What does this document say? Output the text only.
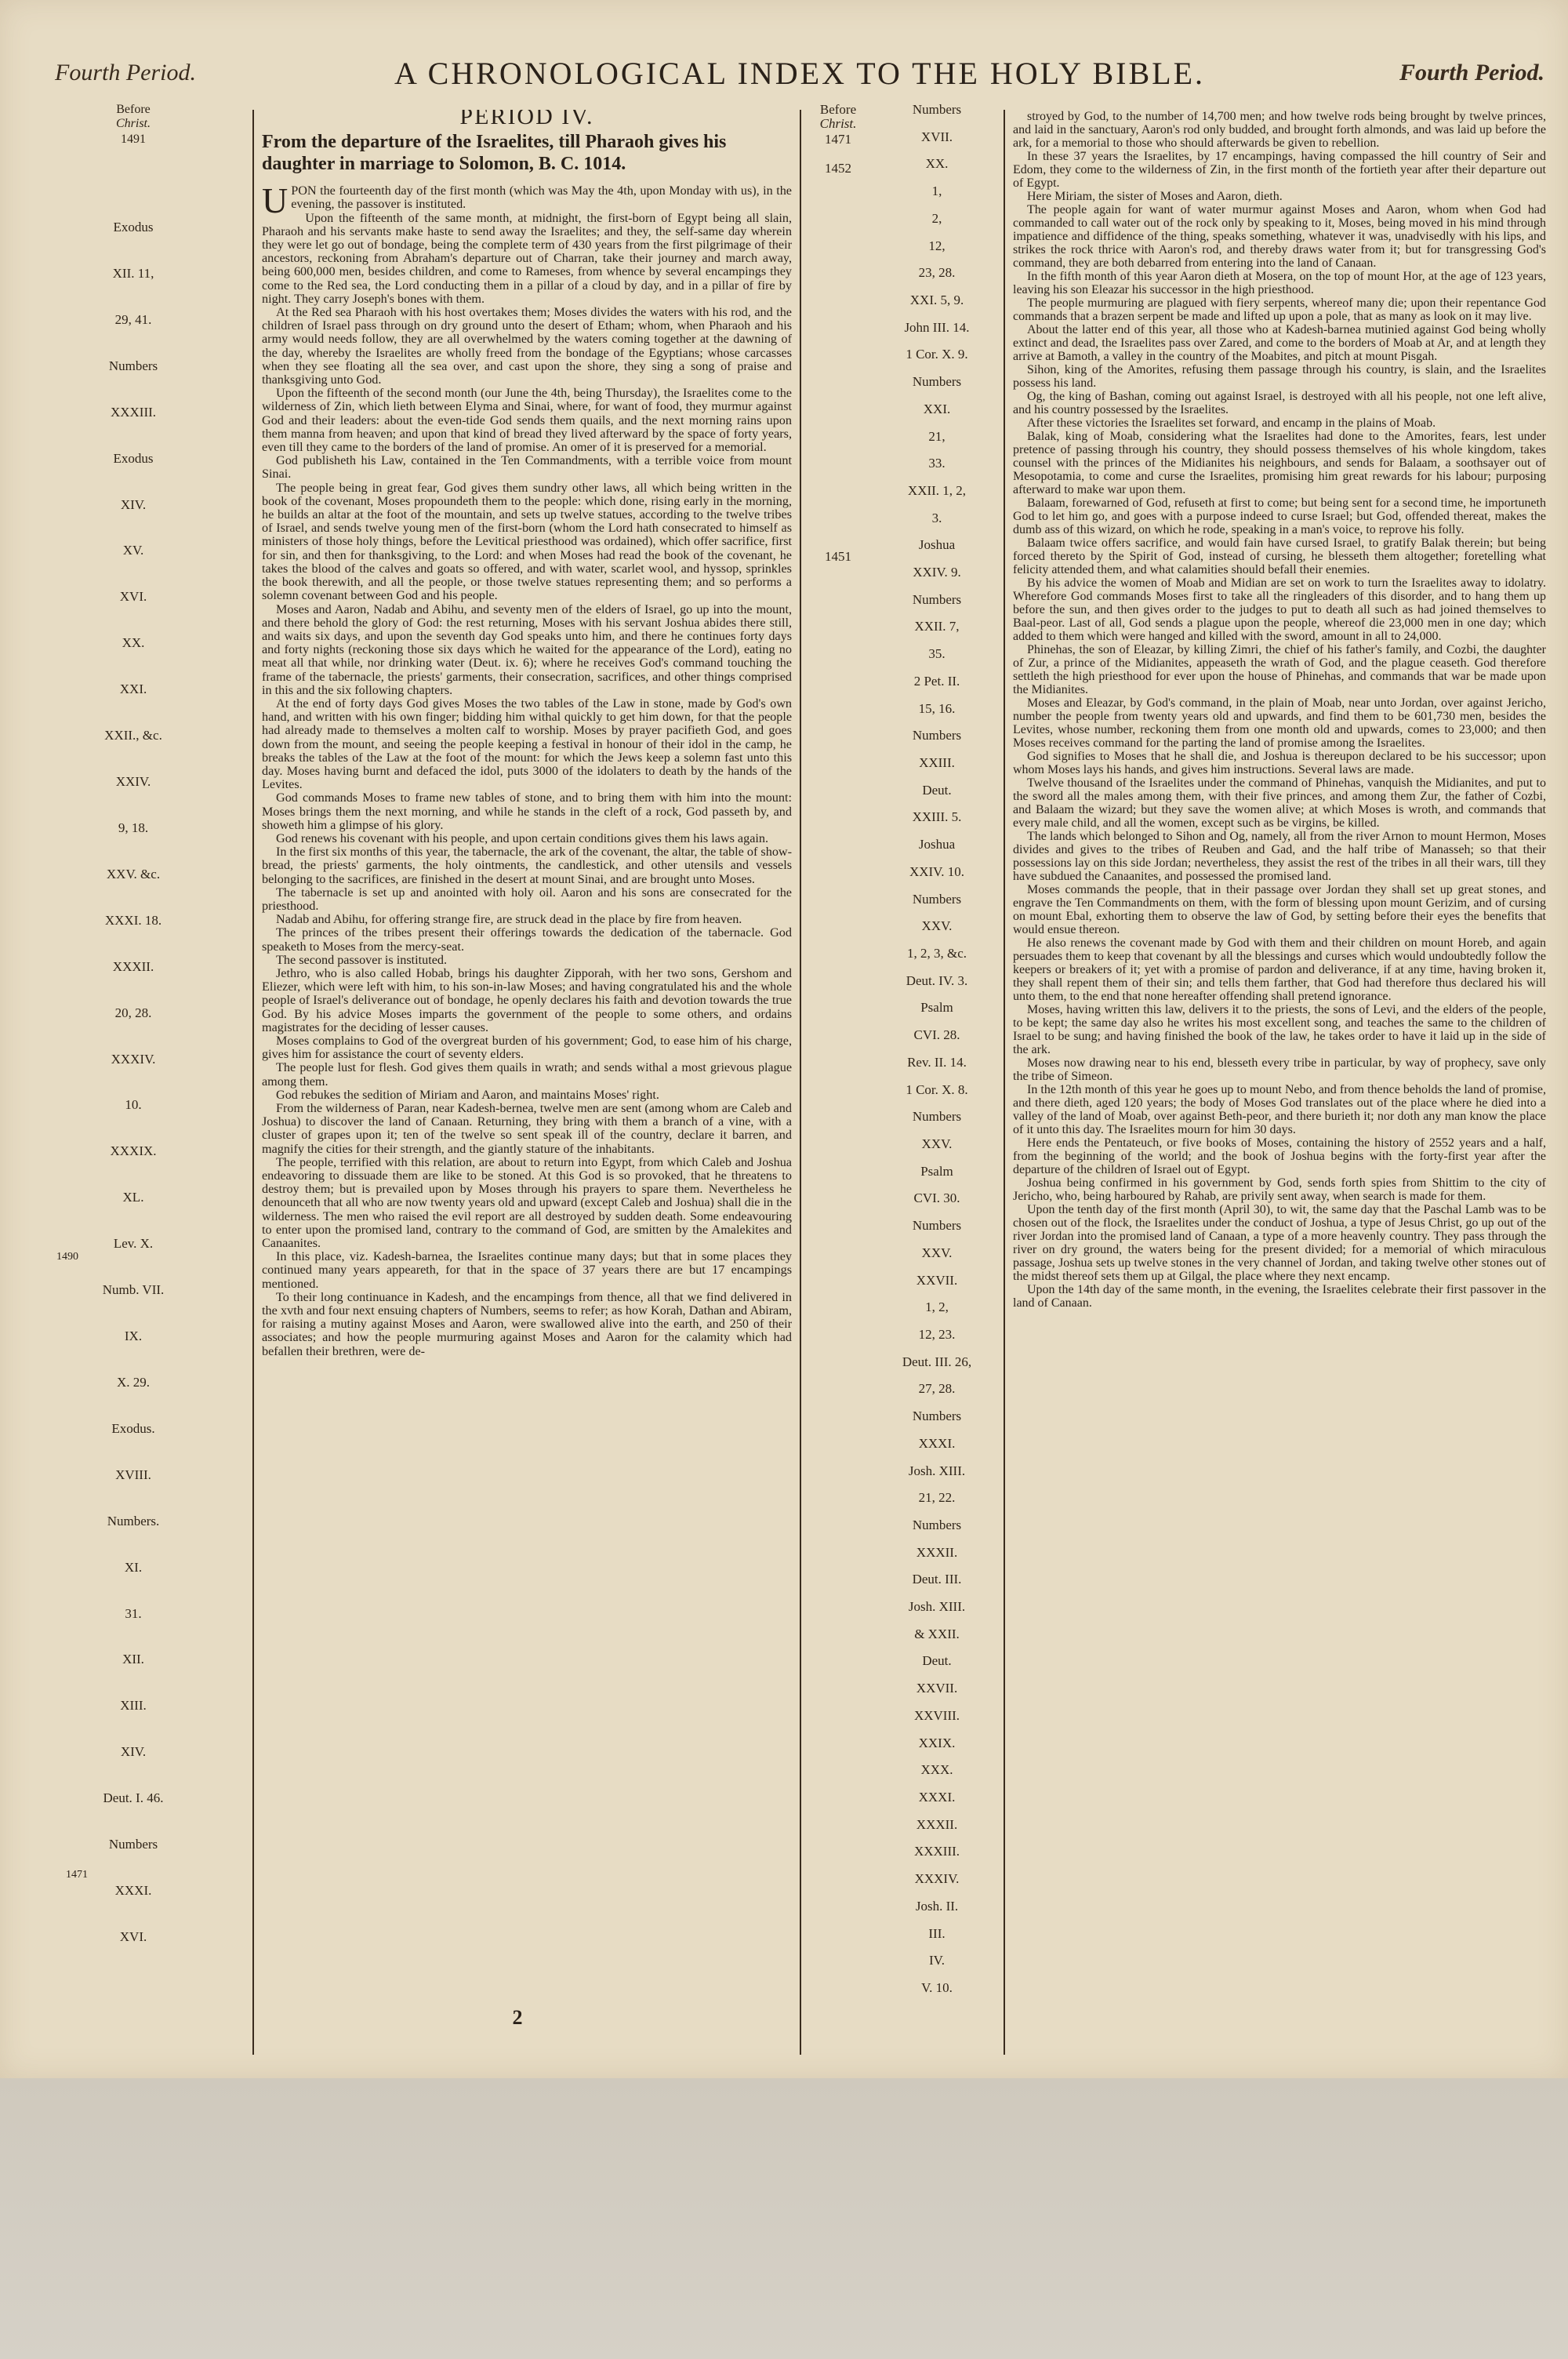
Fourth Period.	A CHRONOLOGICAL INDEX TO THE HOLY BIBLE.	Fourth Period.
Before
Christ.
1491
Exodus
XII. 11,
29, 41.
Numbers
XXXIII.
Exodus
XIV.
XV.
XVI.
XX.
XXI.
XXII., &c.
XXIV.
9, 18.
XXV. &c.
XXXI. 18.
XXXII.
20, 28.
XXXIV.
10.
XXXIX.
XL.
Lev. X.
Numb. VII.
IX.
X. 29.
Exodus.
XVIII.
Numbers.
XI.
31.
XII.
XIII.
XIV.
Deut. I. 46.
Numbers
XXXI.
XVI.
1490
1471
PERIOD IV.
From the departure of the Israelites, till Pharaoh gives his daughter in marriage to Solomon, B. C. 1014.

UPON the fourteenth day of the first month (which was May the 4th, upon Monday with us), in the evening, the passover is instituted.

Upon the fifteenth of the same month, at midnight, the first-born of Egypt being all slain, Pharaoh and his servants make haste to send away the Israelites; and they, the self-same day wherein they were let go out of bondage, being the complete term of 430 years from the first pilgrimage of their ancestors, reckoning from Abraham's departure out of Charran, take their journey and march away, being 600,000 men, besides children, and come to Rameses, from whence by several encampings they come to the Red sea, the Lord conducting them in a pillar of a cloud by day, and in a pillar of fire by night. They carry Joseph's bones with them.

At the Red sea Pharaoh with his host overtakes them; Moses divides the waters with his rod, and the children of Israel pass through on dry ground unto the desert of Etham; whom, when Pharaoh and his army would needs follow, they are all overwhelmed by the waters coming together at the dawning of the day, whereby the Israelites are wholly freed from the bondage of the Egyptians; whose carcasses when they see floating all the sea over, and cast upon the shore, they sing a song of praise and thanksgiving unto God.

Upon the fifteenth of the second month (our June the 4th, being Thursday), the Israelites come to the wilderness of Zin, which lieth between Elyma and Sinai, where, for want of food, they murmur against God and their leaders: about the even-tide God sends them quails, and the next morning rains upon them manna from heaven; and upon that kind of bread they lived afterward by the space of forty years, even till they came to the borders of the land of promise. An omer of it is preserved for a memorial.

God publisheth his Law, contained in the Ten Commandments, with a terrible voice from mount Sinai.

The people being in great fear, God gives them sundry other laws, all which being written in the book of the covenant, Moses propoundeth them to the people: which done, rising early in the morning, he builds an altar at the foot of the mountain, and sets up twelve statues, according to the twelve tribes of Israel, and sends twelve young men of the first-born (whom the Lord hath consecrated to himself as ministers of those holy things, before the Levitical priesthood was ordained), which offer sacrifice, first for sin, and then for thanksgiving, to the Lord: and when Moses had read the book of the covenant, he takes the blood of the calves and goats so offered, and with water, scarlet wool, and hyssop, sprinkles the book therewith, and all the people, or those twelve statues representing them; and so performs a solemn covenant between God and his people.

Moses and Aaron, Nadab and Abihu, and seventy men of the elders of Israel, go up into the mount, and there behold the glory of God: the rest returning, Moses with his servant Joshua abides there still, and waits six days, and upon the seventh day God speaks unto him, and there he continues forty days and forty nights (reckoning those six days which he waited for the appearance of the Lord), eating no meat all that while, nor drinking water (Deut. ix. 6); where he receives God's command touching the frame of the tabernacle, the priests' garments, their consecration, sacrifices, and other things comprised in this and the six following chapters.

At the end of forty days God gives Moses the two tables of the Law in stone, made by God's own hand, and written with his own finger; bidding him withal quickly to get him down, for that the people had already made to themselves a molten calf to worship. Moses by prayer pacifieth God, and goes down from the mount, and seeing the people keeping a festival in honour of their idol in the camp, he breaks the tables of the Law at the foot of the mount: for which the Jews keep a solemn fast unto this day. Moses having burnt and defaced the idol, puts 3000 of the idolaters to death by the hands of the Levites.

God commands Moses to frame new tables of stone, and to bring them with him into the mount: Moses brings them the next morning, and while he stands in the cleft of a rock, God passeth by, and showeth him a glimpse of his glory.

God renews his covenant with his people, and upon certain conditions gives them his laws again.

In the first six months of this year, the tabernacle, the ark of the covenant, the altar, the table of show-bread, the priests' garments, the holy ointments, the candlestick, and other utensils and vessels belonging to the sacrifices, are finished in the desert at mount Sinai, and are brought unto Moses.

The tabernacle is set up and anointed with holy oil. Aaron and his sons are consecrated for the priesthood.

Nadab and Abihu, for offering strange fire, are struck dead in the place by fire from heaven.

The princes of the tribes present their offerings towards the dedication of the tabernacle. God speaketh to Moses from the mercy-seat.

The second passover is instituted.

Jethro, who is also called Hobab, brings his daughter Zipporah, with her two sons, Gershom and Eliezer, which were left with him, to his son-in-law Moses; and having congratulated his and the whole people of Israel's deliverance out of bondage, he openly declares his faith and devotion towards the true God. By his advice Moses imparts the government of the people to some others, and ordains magistrates for the deciding of lesser causes.

Moses complains to God of the overgreat burden of his government; God, to ease him of his charge, gives him for assistance the court of seventy elders.

The people lust for flesh. God gives them quails in wrath; and sends withal a most grievous plague among them.

God rebukes the sedition of Miriam and Aaron, and maintains Moses' right.

From the wilderness of Paran, near Kadesh-bernea, twelve men are sent (among whom are Caleb and Joshua) to discover the land of Canaan. Returning, they bring with them a branch of a vine, with a cluster of grapes upon it; ten of the twelve so sent speak ill of the country, declare it barren, and magnify the cities for their strength, and the giantly stature of the inhabitants.

The people, terrified with this relation, are about to return into Egypt, from which Caleb and Joshua endeavoring to dissuade them are like to be stoned. At this God is so provoked, that he threatens to destroy them; but is prevailed upon by Moses through his prayers to spare them. Nevertheless he denounceth that all who are now twenty years old and upward (except Caleb and Joshua) shall die in the wilderness. The men who raised the evil report are all destroyed by sudden death. Some endeavouring to enter upon the promised land, contrary to the command of God, are smitten by the Amalekites and Canaanites.

In this place, viz. Kadesh-barnea, the Israelites continue many days; but that in some places they continued many years appeareth, for that in the space of 37 years there are but 17 encampings mentioned.

To their long continuance in Kadesh, and the encampings from thence, all that we find delivered in the xvth and four next ensuing chapters of Numbers, seems to refer; as how Korah, Dathan and Abiram, for raising a mutiny against Moses and Aaron, were swallowed alive into the earth, and 250 of their associates; and how the people murmuring against Moses and Aaron for the calamity which had befallen their brethren, were de-

2
Before
Christ.
1471
1452
1451
Numbers
XVII.
XX.
1,
2,
12,
23, 28.
XXI. 5, 9.
John III. 14.
1 Cor. X. 9.
Numbers
XXI.
21,
33.
XXII. 1, 2,
3.
Joshua
XXIV. 9.
Numbers
XXII. 7,
35.
2 Pet. II.
15, 16.
Numbers
XXIII.
Deut.
XXIII. 5.
Joshua
XXIV. 10.
Numbers
XXV.
1, 2, 3, &c.
Deut. IV. 3.
Psalm
CVI. 28.
Rev. II. 14.
1 Cor. X. 8.
Numbers
XXV.
Psalm
CVI. 30.
Numbers
XXV.
XXVII.
1, 2,
12, 23.
Deut. III. 26,
27, 28.
Numbers
XXXI.
Josh. XIII.
21, 22.
Numbers
XXXII.
Deut. III.
Josh. XIII.
& XXII.
Deut.
XXVII.
XXVIII.
XXIX.
XXX.
XXXI.
XXXII.
XXXIII.
XXXIV.
Josh. II.
III.
IV.
V. 10.

stroyed by God, to the number of 14,700 men; and how twelve rods being brought by twelve princes, and laid in the sanctuary, Aaron's rod only budded, and brought forth almonds, and was laid up before the ark, for a memorial to those who should afterwards be given to rebellion.

In these 37 years the Israelites, by 17 encampings, having compassed the hill country of Seir and Edom, they come to the wilderness of Zin, in the first month of the fortieth year after their departure out of Egypt.

Here Miriam, the sister of Moses and Aaron, dieth.

The people again for want of water murmur against Moses and Aaron, whom when God had commanded to call water out of the rock only by speaking to it, Moses, being moved in his mind through impatience and diffidence of the thing, speaks something, whatever it was, unadvisedly with his lips, and strikes the rock thrice with Aaron's rod, and thereby draws water from it; but for transgressing God's command, they are both debarred from entering into the land of Canaan.

In the fifth month of this year Aaron dieth at Mosera, on the top of mount Hor, at the age of 123 years, leaving his son Eleazar his successor in the high priesthood.

The people murmuring are plagued with fiery serpents, whereof many die; upon their repentance God commands that a brazen serpent be made and lifted up upon a pole, that as many as look on it may live.

About the latter end of this year, all those who at Kadesh-barnea mutinied against God being wholly extinct and dead, the Israelites pass over Zared, and come to the borders of Moab at Ar, and at length they arrive at Bamoth, a valley in the country of the Moabites, and pitch at mount Pisgah.

Sihon, king of the Amorites, refusing them passage through his country, is slain, and the Israelites possess his land.

Og, the king of Bashan, coming out against Israel, is destroyed with all his people, not one left alive, and his country possessed by the Israelites.

After these victories the Israelites set forward, and encamp in the plains of Moab.

Balak, king of Moab, considering what the Israelites had done to the Amorites, fears, lest under pretence of passing through his country, they should possess themselves of his whole kingdom, takes counsel with the princes of the Midianites his neighbours, and sends for Balaam, a soothsayer out of Mesopotamia, to come and curse the Israelites, promising him great rewards for his labour; purposing afterward to make war upon them.

Balaam, forewarned of God, refuseth at first to come; but being sent for a second time, he importuneth God to let him go, and goes with a purpose indeed to curse Israel; but God, offended thereat, makes the dumb ass of this wizard, on which he rode, speaking in a man's voice, to reprove his folly.

Balaam twice offers sacrifice, and would fain have cursed Israel, to gratify Balak therein; but being forced thereto by the Spirit of God, instead of cursing, he blesseth them altogether; foretelling what felicity attended them, and what calamities should befall their enemies.

By his advice the women of Moab and Midian are set on work to turn the Israelites away to idolatry. Wherefore God commands Moses first to take all the ringleaders of this disorder, and to hang them up before the sun, and then gives order to the judges to put to death all such as had joined themselves to Baal-peor. Last of all, God sends a plague upon the people, whereof die 23,000 men in one day; which added to them which were hanged and killed with the sword, amount in all to 24,000.

Phinehas, the son of Eleazar, by killing Zimri, the chief of his father's family, and Cozbi, the daughter of Zur, a prince of the Midianites, appeaseth the wrath of God, and the plague ceaseth. God therefore settleth the high priesthood for ever upon the house of Phinehas, and commands that war be made upon the Midianites.

Moses and Eleazar, by God's command, in the plain of Moab, near unto Jordan, over against Jericho, number the people from twenty years old and upwards, and find them to be 601,730 men, besides the Levites, whose number, reckoning them from one month old and upwards, comes to 23,000; and then Moses receives command for the parting the land of promise among the Israelites.

God signifies to Moses that he shall die, and Joshua is thereupon declared to be his successor; upon whom Moses lays his hands, and gives him instructions. Several laws are made.

Twelve thousand of the Israelites under the command of Phinehas, vanquish the Midianites, and put to the sword all the males among them, with their five princes, and among them Zur, the father of Cozbi, and Balaam the wizard; but they save the women alive; at which Moses is wroth, and commands that every male child, and all the women, except such as be virgins, be killed.

The lands which belonged to Sihon and Og, namely, all from the river Arnon to mount Hermon, Moses divides and gives to the tribes of Reuben and Gad, and the half tribe of Manasseh; so that their possessions lay on this side Jordan; nevertheless, they assist the rest of the tribes in all their wars, till they have subdued the Canaanites, and possessed the promised land.

Moses commands the people, that in their passage over Jordan they shall set up great stones, and engrave the Ten Commandments on them, with the form of blessing upon mount Gerizim, and of cursing on mount Ebal, exhorting them to observe the law of God, by setting before their eyes the benefits that would ensue thereon.

He also renews the covenant made by God with them and their children on mount Horeb, and again persuades them to keep that covenant by all the blessings and curses which would undoubtedly follow the keepers or breakers of it; yet with a promise of pardon and deliverance, if at any time, having broken it, they shall repent them of their sin; and tells them farther, that God had therefore thus declared his will unto them, to the end that none hereafter offending shall pretend ignorance.

Moses, having written this law, delivers it to the priests, the sons of Levi, and the elders of the people, to be kept; the same day also he writes his most excellent song, and teaches the same to the children of Israel to be sung; and having finished the book of the law, he takes order to have it laid up in the side of the ark.

Moses now drawing near to his end, blesseth every tribe in particular, by way of prophecy, save only the tribe of Simeon.

In the 12th month of this year he goes up to mount Nebo, and from thence beholds the land of promise, and there dieth, aged 120 years; the body of Moses God translates out of the place where he died into a valley of the land of Moab, over against Beth-peor, and there burieth it; nor doth any man know the place of it unto this day. The Israelites mourn for him 30 days.

Here ends the Pentateuch, or five books of Moses, containing the history of 2552 years and a half, from the beginning of the world; and the book of Joshua begins with the forty-first year after the departure of the children of Israel out of Egypt.

Joshua being confirmed in his government by God, sends forth spies from Shittim to the city of Jericho, who, being harboured by Rahab, are privily sent away, when search is made for them.

Upon the tenth day of the first month (April 30), to wit, the same day that the Paschal Lamb was to be chosen out of the flock, the Israelites under the conduct of Joshua, a type of Jesus Christ, go up out of the river Jordan into the promised land of Canaan, a type of a more heavenly country. They pass through the river on dry ground, the waters being for the present divided; for a memorial of which miraculous passage, Joshua sets up twelve stones in the very channel of Jordan, and taking twelve other stones out of the midst thereof sets them up at Gilgal, the place where they next encamp.

Upon the 14th day of the same month, in the evening, the Israelites celebrate their first passover in the land of Canaan.
